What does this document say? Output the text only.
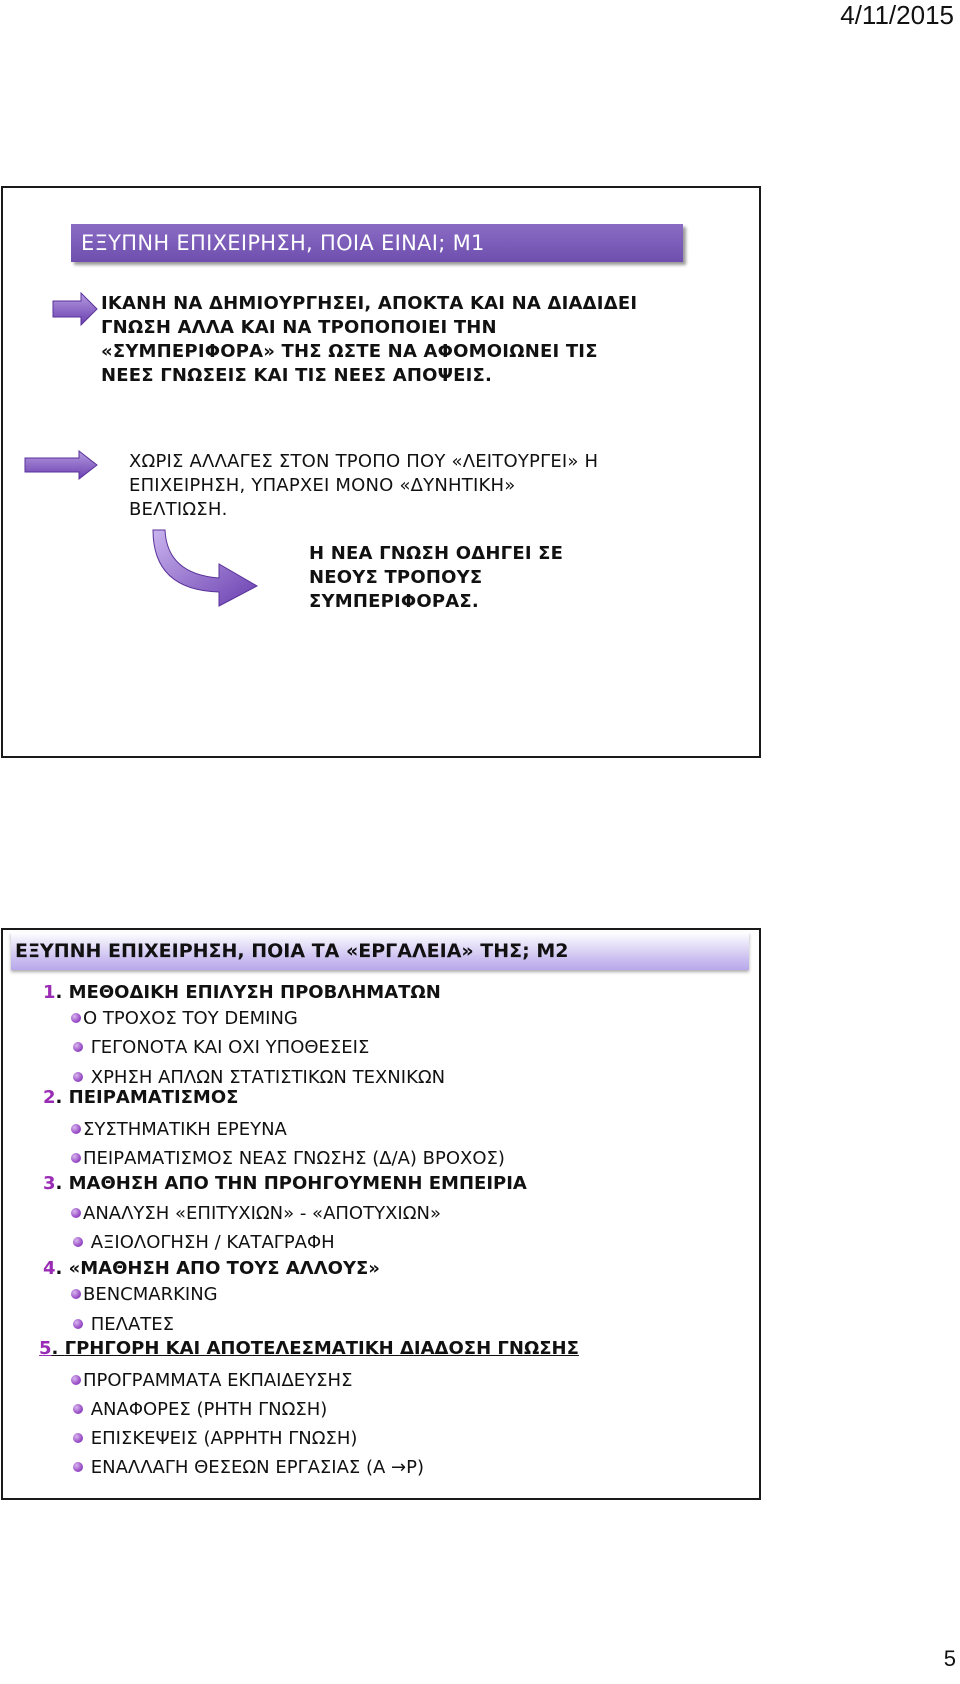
4/11/2015
ΕΞΥΠΝΗ ΕΠΙΧΕΙΡΗΣΗ, ΠΟΙΑ ΕΙΝΑΙ; Μ1
ΙΚΑΝΗ ΝΑ ΔΗΜΙΟΥΡΓΗΣΕΙ, ΑΠΟΚΤΑ ΚΑΙ ΝΑ ΔΙΑΔΙΔΕΙ
ΓΝΩΣΗ ΑΛΛΑ ΚΑΙ ΝΑ ΤΡΟΠΟΠΟΙΕΙ ΤΗΝ
«ΣΥΜΠΕΡΙΦΟΡΑ» ΤΗΣ ΩΣΤΕ ΝΑ ΑΦΟΜΟΙΩΝΕΙ ΤΙΣ
ΝΕΕΣ ΓΝΩΣΕΙΣ ΚΑΙ ΤΙΣ ΝΕΕΣ ΑΠΟΨΕΙΣ.
ΧΩΡΙΣ ΑΛΛΑΓΕΣ ΣΤΟΝ ΤΡΟΠΟ ΠΟΥ «ΛΕΙΤΟΥΡΓΕΙ» Η
ΕΠΙΧΕΙΡΗΣΗ, ΥΠΑΡΧΕΙ ΜΟΝΟ «ΔΥΝΗΤΙΚΗ»
ΒΕΛΤΙΩΣΗ.
Η ΝΕΑ ΓΝΩΣΗ ΟΔΗΓΕΙ ΣΕ
ΝΕΟΥΣ ΤΡΟΠΟΥΣ
ΣΥΜΠΕΡΙΦΟΡΑΣ.
ΕΞΥΠΝΗ ΕΠΙΧΕΙΡΗΣΗ, ΠΟΙΑ ΤΑ «ΕΡΓΑΛΕΙΑ» ΤΗΣ; Μ2
1. ΜΕΘΟΔΙΚΗ ΕΠΙΛΥΣΗ ΠΡΟΒΛΗΜΑΤΩΝ
Ο ΤΡΟΧΟΣ ΤΟΥ DEMING
ΓΕΓΟΝΟΤΑ ΚΑΙ ΟΧΙ ΥΠΟΘΕΣΕΙΣ
ΧΡΗΣΗ ΑΠΛΩΝ ΣΤΑΤΙΣΤΙΚΩΝ ΤΕΧΝΙΚΩΝ
2. ΠΕΙΡΑΜΑΤΙΣΜΟΣ
ΣΥΣΤΗΜΑΤΙΚΗ ΕΡΕΥΝΑ
ΠΕΙΡΑΜΑΤΙΣΜΟΣ ΝΕΑΣ ΓΝΩΣΗΣ (Δ/Α) ΒΡΟΧΟΣ)
3. ΜΑΘΗΣΗ ΑΠΟ ΤΗΝ ΠΡΟΗΓΟΥΜΕΝΗ ΕΜΠΕΙΡΙΑ
ΑΝΑΛΥΣΗ «ΕΠΙΤΥΧΙΩΝ» - «ΑΠΟΤΥΧΙΩΝ»
ΑΞΙΟΛΟΓΗΣΗ / ΚΑΤΑΓΡΑΦΗ
4. «ΜΑΘΗΣΗ ΑΠΟ ΤΟΥΣ ΑΛΛΟΥΣ»
BENCMARKING
ΠΕΛΑΤΕΣ
5. ΓΡΗΓΟΡΗ ΚΑΙ ΑΠΟΤΕΛΕΣΜΑΤΙΚΗ ΔΙΑΔΟΣΗ ΓΝΩΣΗΣ
ΠΡΟΓΡΑΜΜΑΤΑ ΕΚΠΑΙΔΕΥΣΗΣ
ΑΝΑΦΟΡΕΣ (ΡΗΤΗ ΓΝΩΣΗ)
ΕΠΙΣΚΕΨΕΙΣ (ΑΡΡΗΤΗ ΓΝΩΣΗ)
ΕΝΑΛΛΑΓΗ ΘΕΣΕΩΝ ΕΡΓΑΣΙΑΣ (Α →Ρ)
5
